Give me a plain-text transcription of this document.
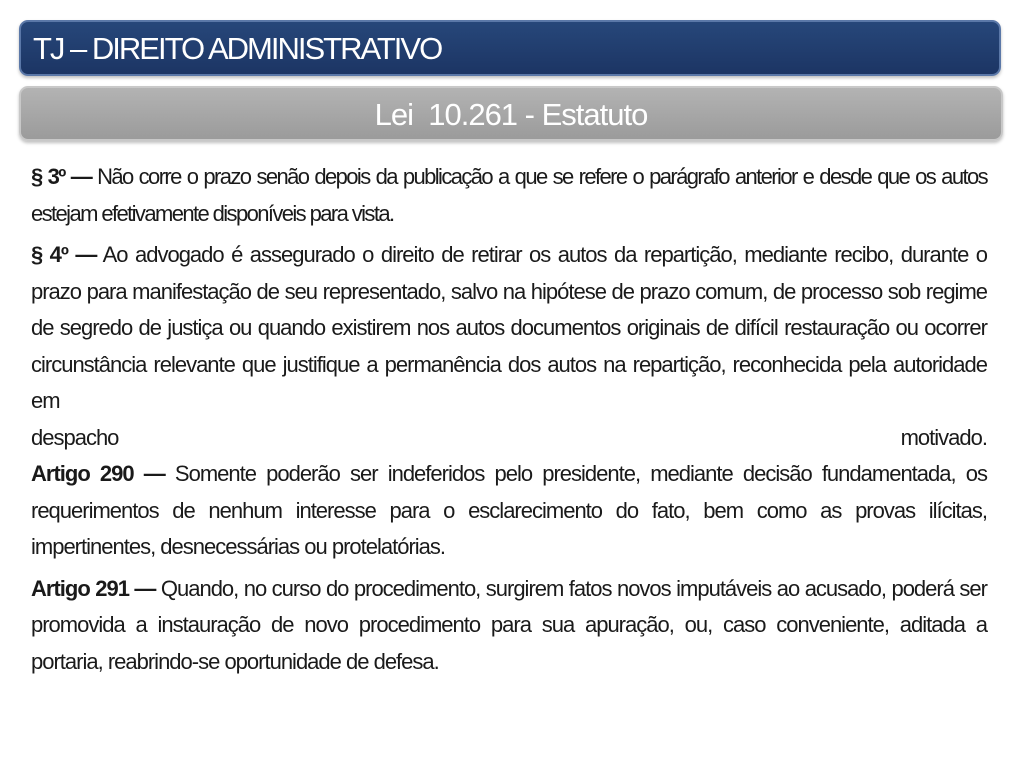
TJ – DIREITO ADMINISTRATIVO
Lei  10.261 - Estatuto

§ 3º — Não corre o prazo senão depois da publicação a que se refere o parágrafo anterior e desde que os autos estejam efetivamente disponíveis para vista.

§ 4º — Ao advogado é assegurado o direito de retirar os autos da repartição, mediante recibo, durante o prazo para manifestação de seu representado, salvo na hipótese de prazo comum, de processo sob regime de segredo de justiça ou quando existirem nos autos documentos originais de difícil restauração ou ocorrer circunstância relevante que justifique a permanência dos autos na repartição, reconhecida pela autoridade em

despacho	motivado.

Artigo 290 — Somente poderão ser indeferidos pelo presidente, mediante decisão fundamentada, os requerimentos de nenhum interesse para o esclarecimento do fato, bem como as provas ilícitas, impertinentes, desnecessárias ou protelatórias.

Artigo 291 — Quando, no curso do procedimento, surgirem fatos novos imputáveis ao acusado, poderá ser promovida a instauração de novo procedimento para sua apuração, ou, caso conveniente, aditada a portaria, reabrindo-se oportunidade de defesa.
